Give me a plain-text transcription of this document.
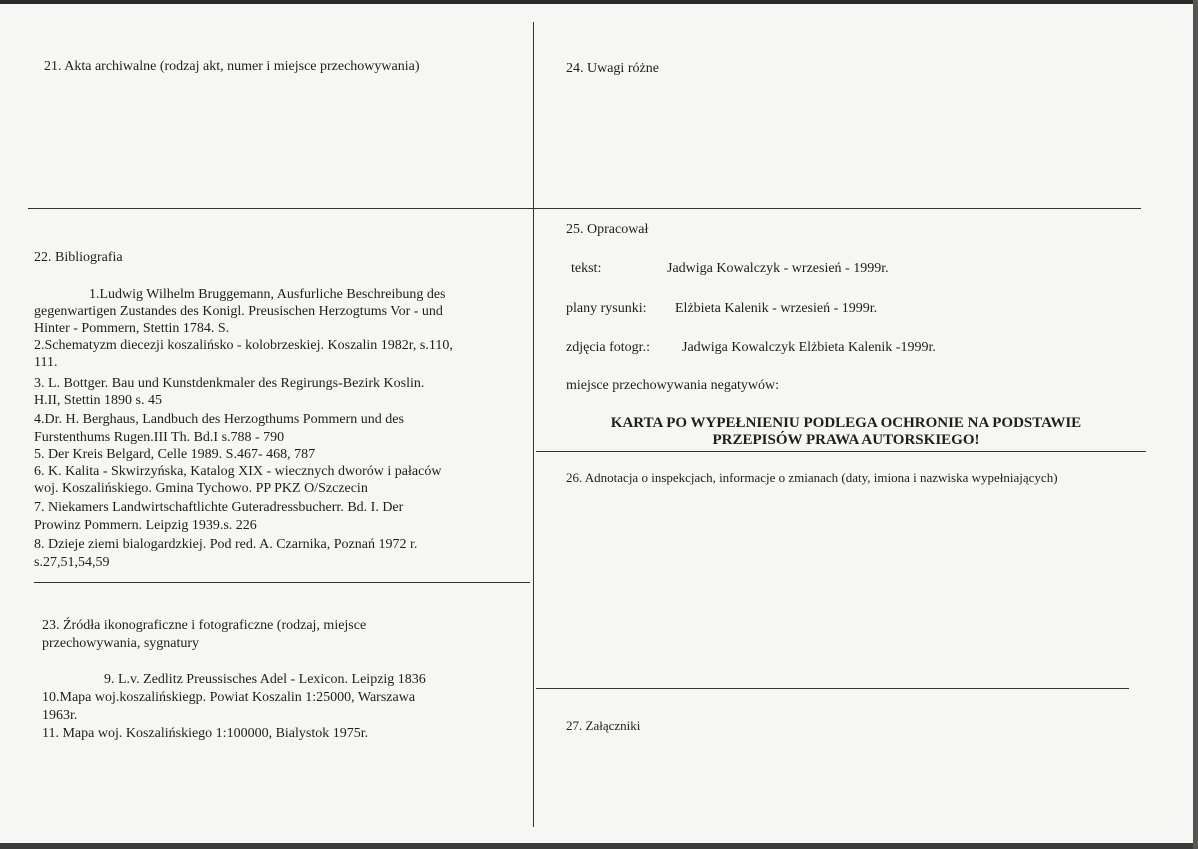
21. Akta archiwalne (rodzaj akt, numer i miejsce przechowywania)	24. Uwagi różne
22. Bibliografia
1.Ludwig Wilhelm Bruggemann, Ausfurliche Beschreibung des
gegenwartigen Zustandes des Konigl. Preusischen Herzogtums Vor - und
Hinter - Pommern, Stettin 1784. S.
2.Schematyzm diecezji koszalińsko - kolobrzeskiej. Koszalin 1982r, s.110,
111.
3. L. Bottger. Bau und Kunstdenkmaler des Regirungs-Bezirk Koslin.
H.II, Stettin 1890 s. 45
4.Dr. H. Berghaus, Landbuch des Herzogthums Pommern und des
Furstenthums Rugen.III Th. Bd.I s.788 - 790
5. Der Kreis Belgard, Celle 1989. S.467- 468, 787
6. K. Kalita - Skwirzyńska, Katalog XIX - wiecznych dworów i pałaców
woj. Koszalińskiego. Gmina Tychowo. PP PKZ O/Szczecin
7. Niekamers Landwirtschaftlichte Guteradressbucherr. Bd. I. Der
Prowinz Pommern. Leipzig 1939.s. 226
8. Dzieje ziemi bialogardzkiej. Pod red. A. Czarnika, Poznań 1972 r.
s.27,51,54,59
23. Źródła ikonograficzne i fotograficzne (rodzaj, miejsce
przechowywania, sygnatury
9. L.v. Zedlitz Preussisches Adel - Lexicon. Leipzig 1836
10.Mapa woj.koszalińskiegp. Powiat Koszalin 1:25000, Warszawa
1963r.
11. Mapa woj. Koszalińskiego 1:100000, Bialystok 1975r.
25. Opracował
tekst:	Jadwiga Kowalczyk - wrzesień - 1999r.
plany rysunki: Elżbieta Kalenik - wrzesień - 1999r.
zdjęcia fotogr.: Jadwiga Kowalczyk Elżbieta Kalenik -1999r.
miejsce przechowywania negatywów:
KARTA PO WYPEŁNIENIU PODLEGA OCHRONIE NA PODSTAWIE
PRZEPISÓW PRAWA AUTORSKIEGO!
26. Adnotacja o inspekcjach, informacje o zmianach (daty, imiona i nazwiska wypełniających)
27. Załączniki
